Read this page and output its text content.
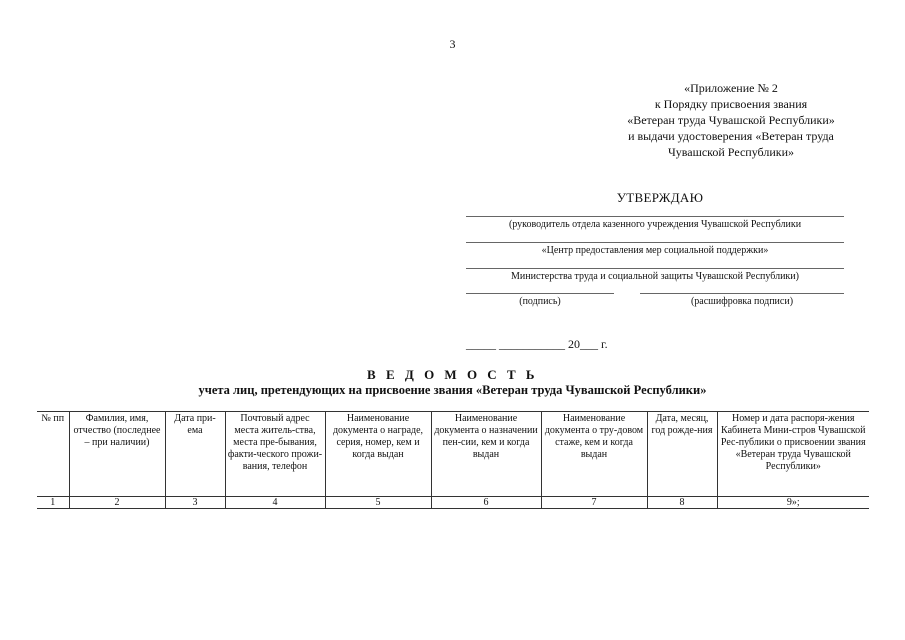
3
«Приложение № 2
к Порядку присвоения звания
«Ветеран труда Чувашской Республики»
и выдачи удостоверения «Ветеран труда
Чувашской Республики»
УТВЕРЖДАЮ
(руководитель отдела казенного учреждения Чувашской Республики
«Центр предоставления мер социальной поддержки»
Министерства труда и социальной защиты Чувашской Республики)
(подпись)	(расшифровка подписи)
_____ ___________ 20___ г.
В Е Д О М О С Т Ь
учета лиц, претендующих на присвоение звания «Ветеран труда Чувашской Республики»
№ пп	Фамилия, имя, отчество (последнее – при наличии)	Дата при-ема	Почтовый адрес места житель-ства, места пре-бывания, факти-ческого прожи-вания, телефон	Наименование документа о награде, серия, номер, кем и когда выдан	Наименование документа о назначении пен-сии, кем и когда выдан	Наименование документа о тру-довом стаже, кем и когда выдан	Дата, месяц, год рожде-ния	Номер и дата распоря-жения Кабинета Мини-стров Чувашской Рес-публики о присвоении звания «Ветеран труда Чувашской Республики»
1	2	3	4	5	6	7	8	9»;
